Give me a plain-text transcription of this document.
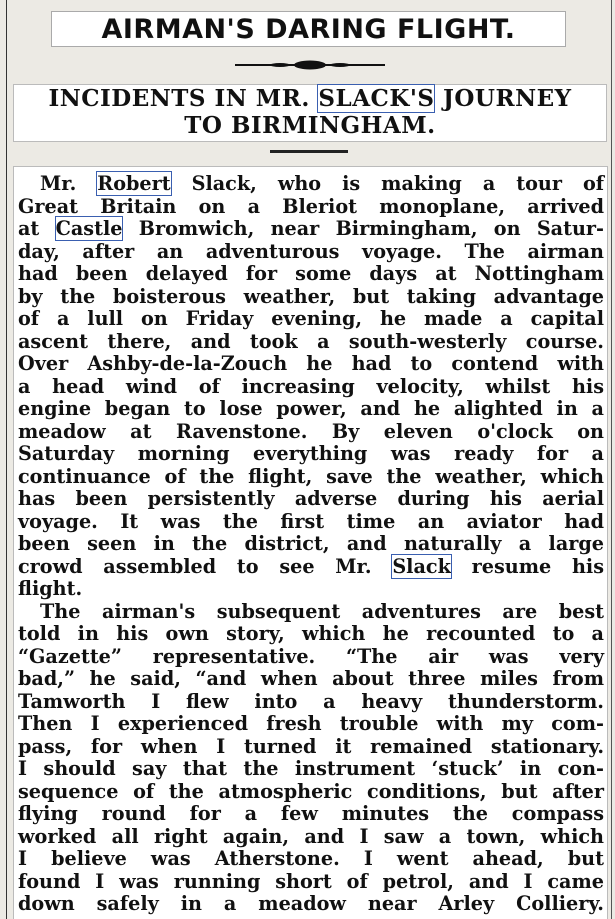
AIRMAN'S DARING FLIGHT.
INCIDENTS IN MR. SLACK'S JOURNEY
TO BIRMINGHAM.
Mr. Robert Slack, who is making a tour of
Great Britain on a Bleriot monoplane, arrived
at Castle Bromwich, near Birmingham, on Satur-
day, after an adventurous voyage. The airman
had been delayed for some days at Nottingham
by the boisterous weather, but taking advantage
of a lull on Friday evening, he made a capital
ascent there, and took a south-westerly course.
Over Ashby-de-la-Zouch he had to contend with
a head wind of increasing velocity, whilst his
engine began to lose power, and he alighted in a
meadow at Ravenstone. By eleven o'clock on
Saturday morning everything was ready for a
continuance of the flight, save the weather, which
has been persistently adverse during his aerial
voyage. It was the first time an aviator had
been seen in the district, and naturally a large
crowd assembled to see Mr. Slack resume his
flight.
The airman's subsequent adventures are best
told in his own story, which he recounted to a
“Gazette” representative. “The air was very
bad,” he said, “and when about three miles from
Tamworth I flew into a heavy thunderstorm.
Then I experienced fresh trouble with my com-
pass, for when I turned it remained stationary.
I should say that the instrument ‘stuck’ in con-
sequence of the atmospheric conditions, but after
flying round for a few minutes the compass
worked all right again, and I saw a town, which
I believe was Atherstone. I went ahead, but
found I was running short of petrol, and I came
down safely in a meadow near Arley Colliery.
